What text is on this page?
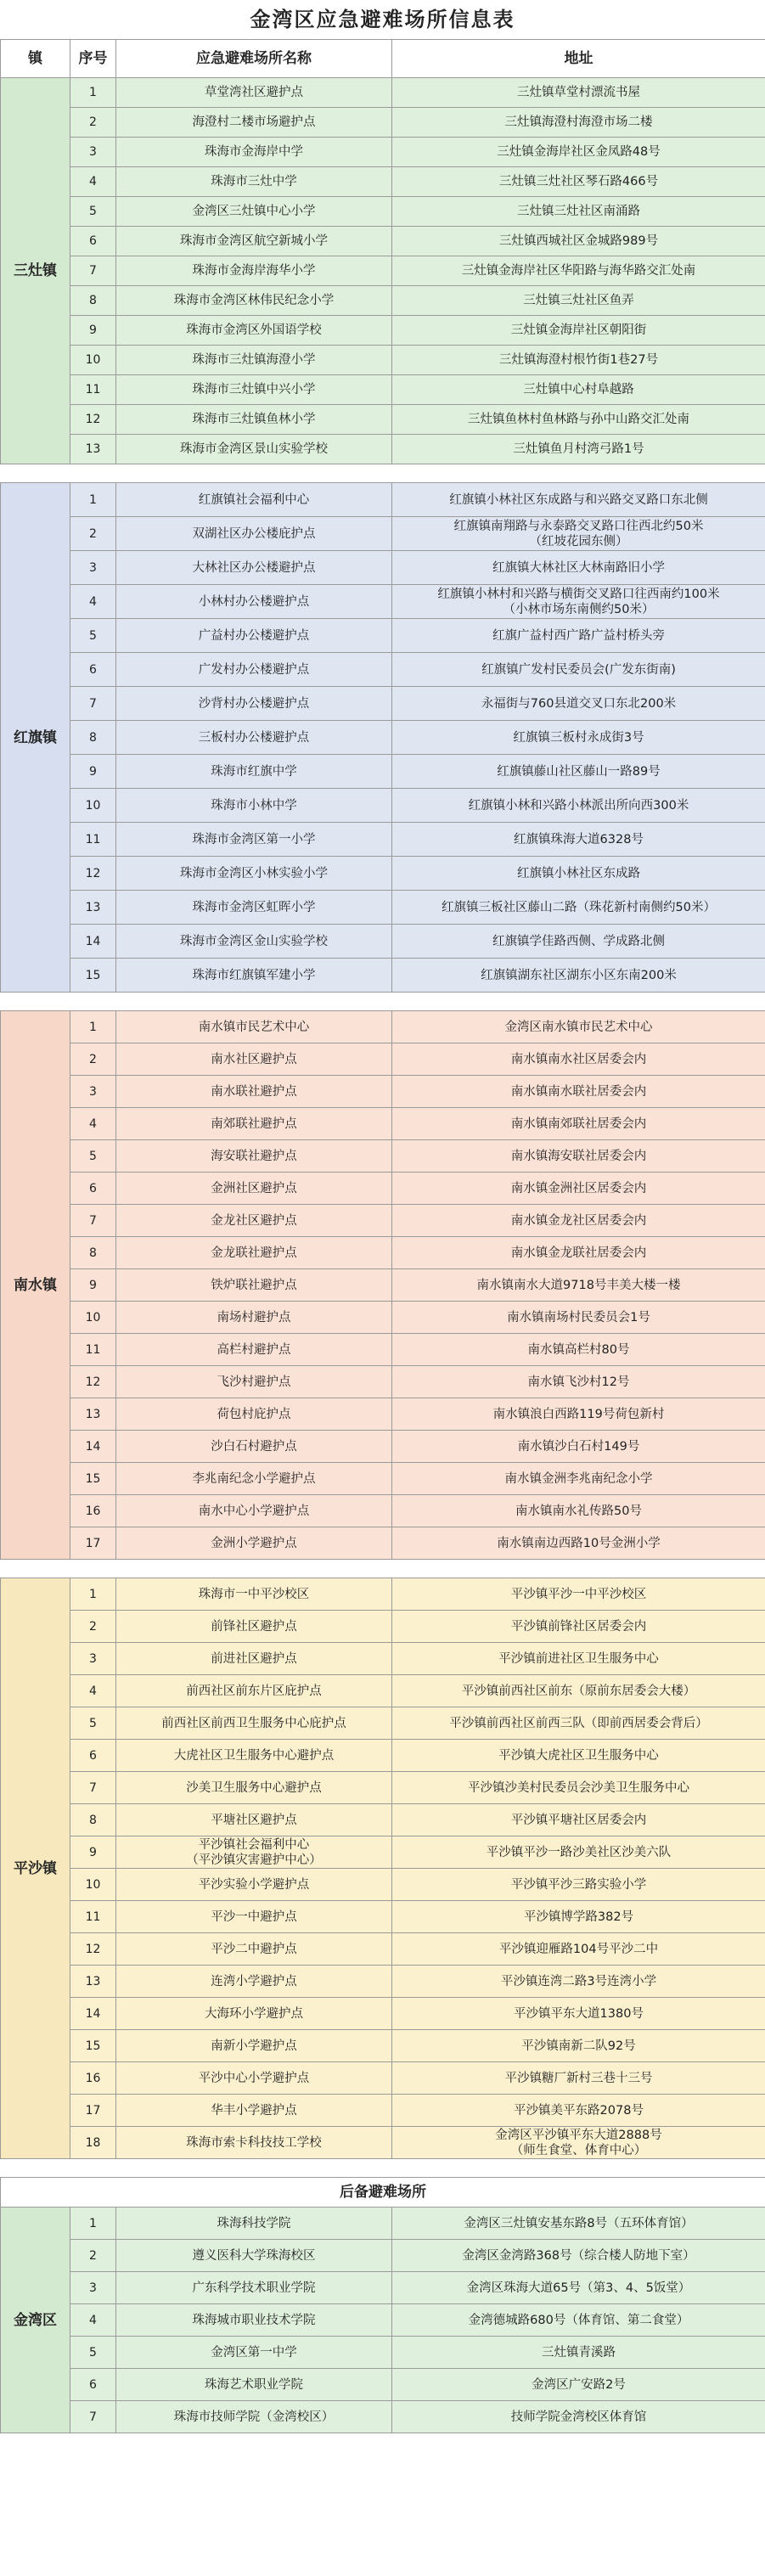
金湾区应急避难场所信息表
镇	序号	应急避难场所名称	地址
三灶镇	1	草堂湾社区避护点	三灶镇草堂村漂流书屋
	2	海澄村二楼市场避护点	三灶镇海澄村海澄市场二楼
	3	珠海市金海岸中学	三灶镇金海岸社区金凤路48号
	4	珠海市三灶中学	三灶镇三灶社区琴石路466号
	5	金湾区三灶镇中心小学	三灶镇三灶社区南涌路
	6	珠海市金湾区航空新城小学	三灶镇西城社区金城路989号
	7	珠海市金海岸海华小学	三灶镇金海岸社区华阳路与海华路交汇处南
	8	珠海市金湾区林伟民纪念小学	三灶镇三灶社区鱼弄
	9	珠海市金湾区外国语学校	三灶镇金海岸社区朝阳街
	10	珠海市三灶镇海澄小学	三灶镇海澄村根竹街1巷27号
	11	珠海市三灶镇中兴小学	三灶镇中心村阜越路
	12	珠海市三灶镇鱼林小学	三灶镇鱼林村鱼林路与孙中山路交汇处南
	13	珠海市金湾区景山实验学校	三灶镇鱼月村湾弓路1号

红旗镇	1	红旗镇社会福利中心	红旗镇小林社区东成路与和兴路交叉路口东北侧
	2	双湖社区办公楼庇护点	红旗镇南翔路与永泰路交叉路口往西北约50米
（红坡花园东侧）
	3	大林社区办公楼避护点	红旗镇大林社区大林南路旧小学
	4	小林村办公楼避护点	红旗镇小林村和兴路与横街交叉路口往西南约100米
（小林市场东南侧约50米）
	5	广益村办公楼避护点	红旗广益村西广路广益村桥头旁
	6	广发村办公楼避护点	红旗镇广发村民委员会(广发东街南)
	7	沙背村办公楼避护点	永福街与760县道交叉口东北200米
	8	三板村办公楼避护点	红旗镇三板村永成街3号
	9	珠海市红旗中学	红旗镇藤山社区藤山一路89号
	10	珠海市小林中学	红旗镇小林和兴路小林派出所向西300米
	11	珠海市金湾区第一小学	红旗镇珠海大道6328号
	12	珠海市金湾区小林实验小学	红旗镇小林社区东成路
	13	珠海市金湾区虹晖小学	红旗镇三板社区藤山二路（珠花新村南侧约50米）
	14	珠海市金湾区金山实验学校	红旗镇学佳路西侧、学成路北侧
	15	珠海市红旗镇军建小学	红旗镇湖东社区湖东小区东南200米

南水镇	1	南水镇市民艺术中心	金湾区南水镇市民艺术中心
	2	南水社区避护点	南水镇南水社区居委会内
	3	南水联社避护点	南水镇南水联社居委会内
	4	南郊联社避护点	南水镇南郊联社居委会内
	5	海安联社避护点	南水镇海安联社居委会内
	6	金洲社区避护点	南水镇金洲社区居委会内
	7	金龙社区避护点	南水镇金龙社区居委会内
	8	金龙联社避护点	南水镇金龙联社居委会内
	9	铁炉联社避护点	南水镇南水大道9718号丰美大楼一楼
	10	南场村避护点	南水镇南场村民委员会1号
	11	高栏村避护点	南水镇高栏村80号
	12	飞沙村避护点	南水镇飞沙村12号
	13	荷包村庇护点	南水镇浪白西路119号荷包新村
	14	沙白石村避护点	南水镇沙白石村149号
	15	李兆南纪念小学避护点	南水镇金洲李兆南纪念小学
	16	南水中心小学避护点	南水镇南水礼传路50号
	17	金洲小学避护点	南水镇南边西路10号金洲小学

平沙镇	1	珠海市一中平沙校区	平沙镇平沙一中平沙校区
	2	前锋社区避护点	平沙镇前锋社区居委会内
	3	前进社区避护点	平沙镇前进社区卫生服务中心
	4	前西社区前东片区庇护点	平沙镇前西社区前东（原前东居委会大楼）
	5	前西社区前西卫生服务中心庇护点	平沙镇前西社区前西三队（即前西居委会背后）
	6	大虎社区卫生服务中心避护点	平沙镇大虎社区卫生服务中心
	7	沙美卫生服务中心避护点	平沙镇沙美村民委员会沙美卫生服务中心
	8	平塘社区避护点	平沙镇平塘社区居委会内
	9	平沙镇社会福利中心
（平沙镇灾害避护中心）	平沙镇平沙一路沙美社区沙美六队
	10	平沙实验小学避护点	平沙镇平沙三路实验小学
	11	平沙一中避护点	平沙镇博学路382号
	12	平沙二中避护点	平沙镇迎雁路104号平沙二中
	13	连湾小学避护点	平沙镇连湾二路3号连湾小学
	14	大海环小学避护点	平沙镇平东大道1380号
	15	南新小学避护点	平沙镇南新二队92号
	16	平沙中心小学避护点	平沙镇糖厂新村三巷十三号
	17	华丰小学避护点	平沙镇美平东路2078号
	18	珠海市索卡科技技工学校	金湾区平沙镇平东大道2888号
（师生食堂、体育中心）

后备避难场所			
金湾区	1	珠海科技学院	金湾区三灶镇安基东路8号（五环体育馆）
	2	遵义医科大学珠海校区	金湾区金湾路368号（综合楼人防地下室）
	3	广东科学技术职业学院	金湾区珠海大道65号（第3、4、5饭堂）
	4	珠海城市职业技术学院	金湾德城路680号（体育馆、第二食堂）
	5	金湾区第一中学	三灶镇青溪路
	6	珠海艺术职业学院	金湾区广安路2号
	7	珠海市技师学院（金湾校区）	技师学院金湾校区体育馆
